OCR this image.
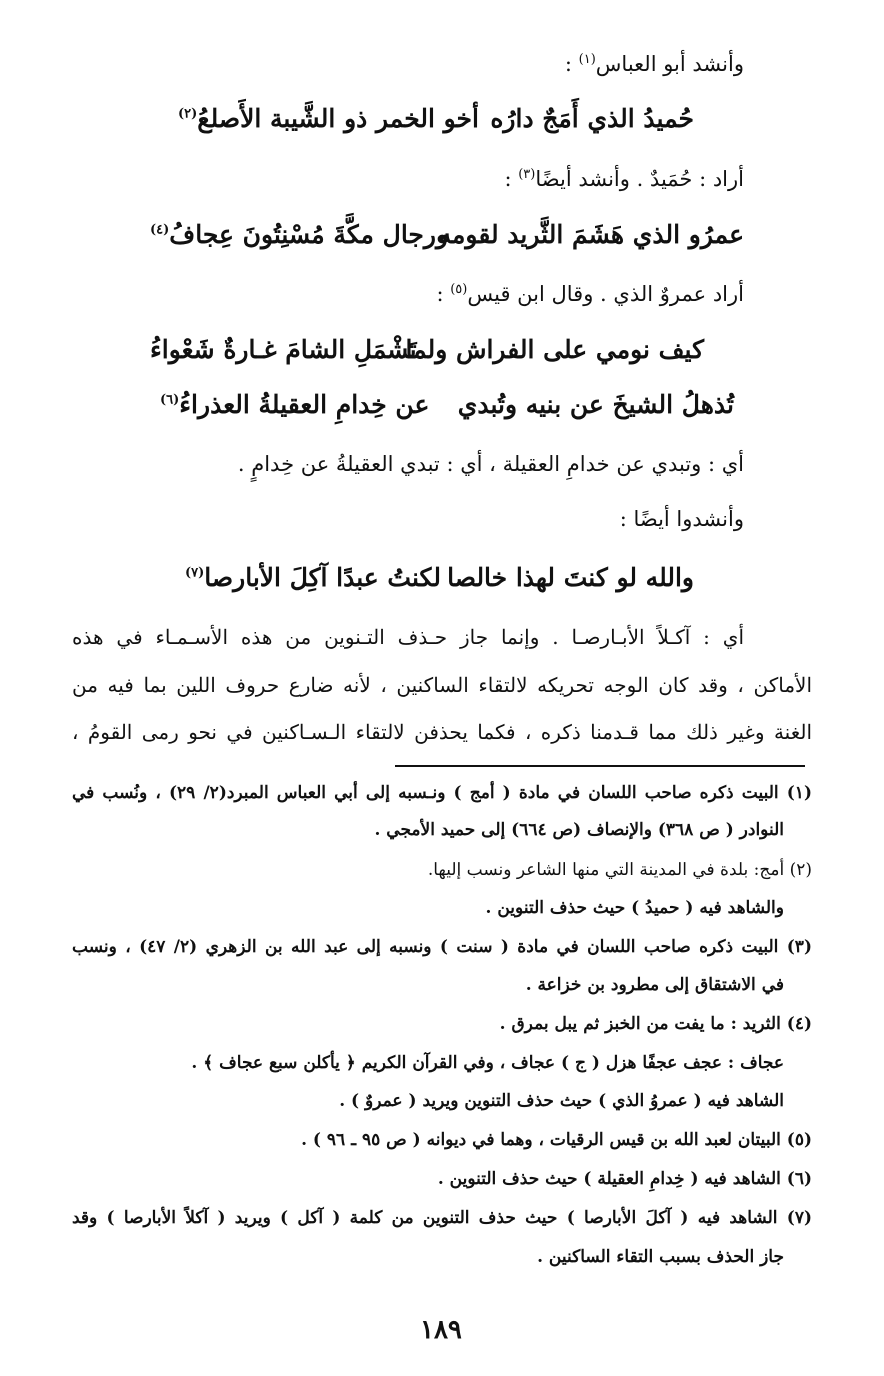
وأنشد أبو العباس$^{(١)}$ :
حُميدُ الذي أَمَجٌ دارُه
أخو الخمر ذو الشَّيبة الأَصلعُ$^{(٢)}$
أراد : حُمَيدٌ . وأنشد أيضًا$^{(٣)}$ :
عمرُو الذي هَشَمَ الثَّريد لقومه
ورجال مكَّةَ مُسْنِتُونَ عِجافُ$^{(٤)}$
أراد عمروٌ الذي . وقال ابن قيس$^{(٥)}$ :
كيف نومي على الفراش ولما
تَشْمَلِ الشامَ غـارةٌ شَعْواءُ
تُذهلُ الشيخَ عن بنيه وتُبدي
عن خِدامِ العقيلةُ العذراءُ$^{(٦)}$
أي : وتبدي عن خدامِ العقيلة ، أي : تبدي العقيلةُ عن خِدامٍ .
وأنشدوا أيضًا :
والله لو كنتَ لهذا خالصا
لكنتُ عبدًا آكِلَ الأبارصا$^{(٧)}$
أي : آكـلاً الأبـارصـا . وإنما جاز حـذف التـنوين من هذه الأسـمـاء في هذه
الأماكن ، وقد كان الوجه تحريكه لالتقاء الساكنين ، لأنه ضارع حروف اللين بما فيه من
الغنة وغير ذلك مما قـدمنا ذكره ، فكما يحذفن لالتقاء الـسـاكنين في نحو رمى القومُ ،
(١) البيت ذكره صاحب اللسان في مادة ( أمج ) ونـسبه إلى أبي العباس المبرد(٢/ ٢٩) ، ونُسب في
النوادر ( ص ٣٦٨) والإنصاف (ص ٦٦٤) إلى حميد الأمجي .
(٢) أمج: بلدة في المدينة التي منها الشاعر ونسب إليها.
والشاهد فيه ( حميدُ ) حيث حذف التنوين .
(٣) البيت ذكره صاحب اللسان في مادة ( سنت ) ونسبه إلى عبد الله بن الزهري (٢/ ٤٧) ، ونسب
في الاشتقاق إلى مطرود بن خزاعة .
(٤) الثريد : ما يفت من الخبز ثم يبل بمرق .
عجاف : عجف عجفًا هزل ( ج ) عجاف ، وفي القرآن الكريم ﴿ يأكلن سبع عجاف ﴾ .
الشاهد فيه ( عمروُ الذي ) حيث حذف التنوين ويريد ( عمروٌ ) .
(٥) البيتان لعبد الله بن قيس الرقيات ، وهما في ديوانه ( ص ٩٥ ـ ٩٦ ) .
(٦) الشاهد فيه ( خِدامِ العقيلة ) حيث حذف التنوين .
(٧) الشاهد فيه ( آكلَ الأبارصا ) حيث حذف التنوين من كلمة ( آكل ) ويريد ( آكلاً الأبارصا ) وقد
جاز الحذف بسبب التقاء الساكنين .
١٨٩
